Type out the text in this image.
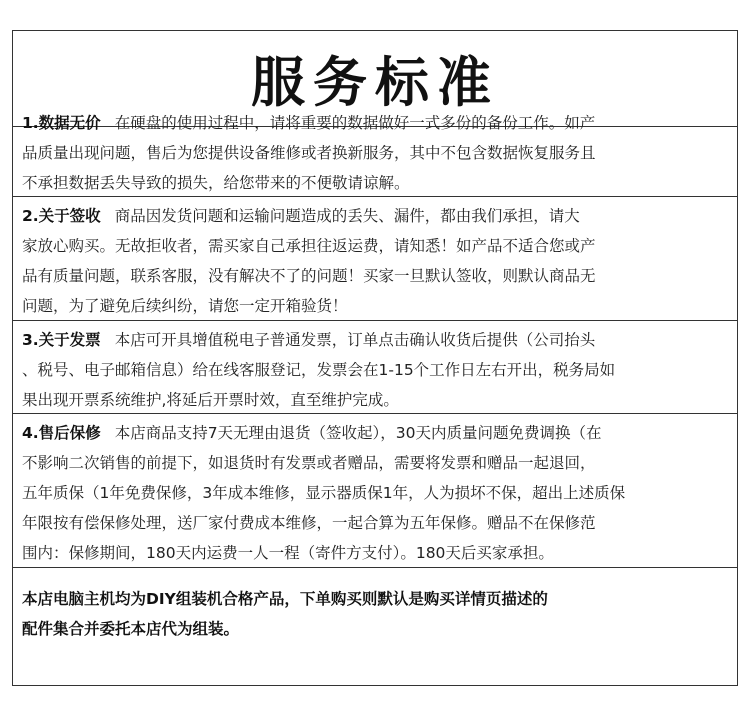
服务标准
1.数据无价 在硬盘的使用过程中，请将重要的数据做好一式多份的备份工作。如产
品质量出现问题，售后为您提供设备维修或者换新服务，其中不包含数据恢复服务且
不承担数据丢失导致的损失，给您带来的不便敬请谅解。
2.关于签收 商品因发货问题和运输问题造成的丢失、漏件，都由我们承担，请大
家放心购买。无故拒收者，需买家自己承担往返运费，请知悉！如产品不适合您或产
品有质量问题，联系客服，没有解决不了的问题！买家一旦默认签收，则默认商品无
问题，为了避免后续纠纷，请您一定开箱验货！
3.关于发票 本店可开具增值税电子普通发票，订单点击确认收货后提供（公司抬头
、税号、电子邮箱信息）给在线客服登记，发票会在1-15个工作日左右开出，税务局如
果出现开票系统维护,将延后开票时效，直至维护完成。
4.售后保修 本店商品支持7天无理由退货（签收起），30天内质量问题免费调换（在
不影响二次销售的前提下，如退货时有发票或者赠品，需要将发票和赠品一起退回，
五年质保（1年免费保修，3年成本维修，显示器质保1年，人为损坏不保，超出上述质保
年限按有偿保修处理，送厂家付费成本维修，一起合算为五年保修。赠品不在保修范
围内：保修期间，180天内运费一人一程（寄件方支付）。180天后买家承担。
本店电脑主机均为DIY组装机合格产品，下单购买则默认是购买详情页描述的
配件集合并委托本店代为组装。
